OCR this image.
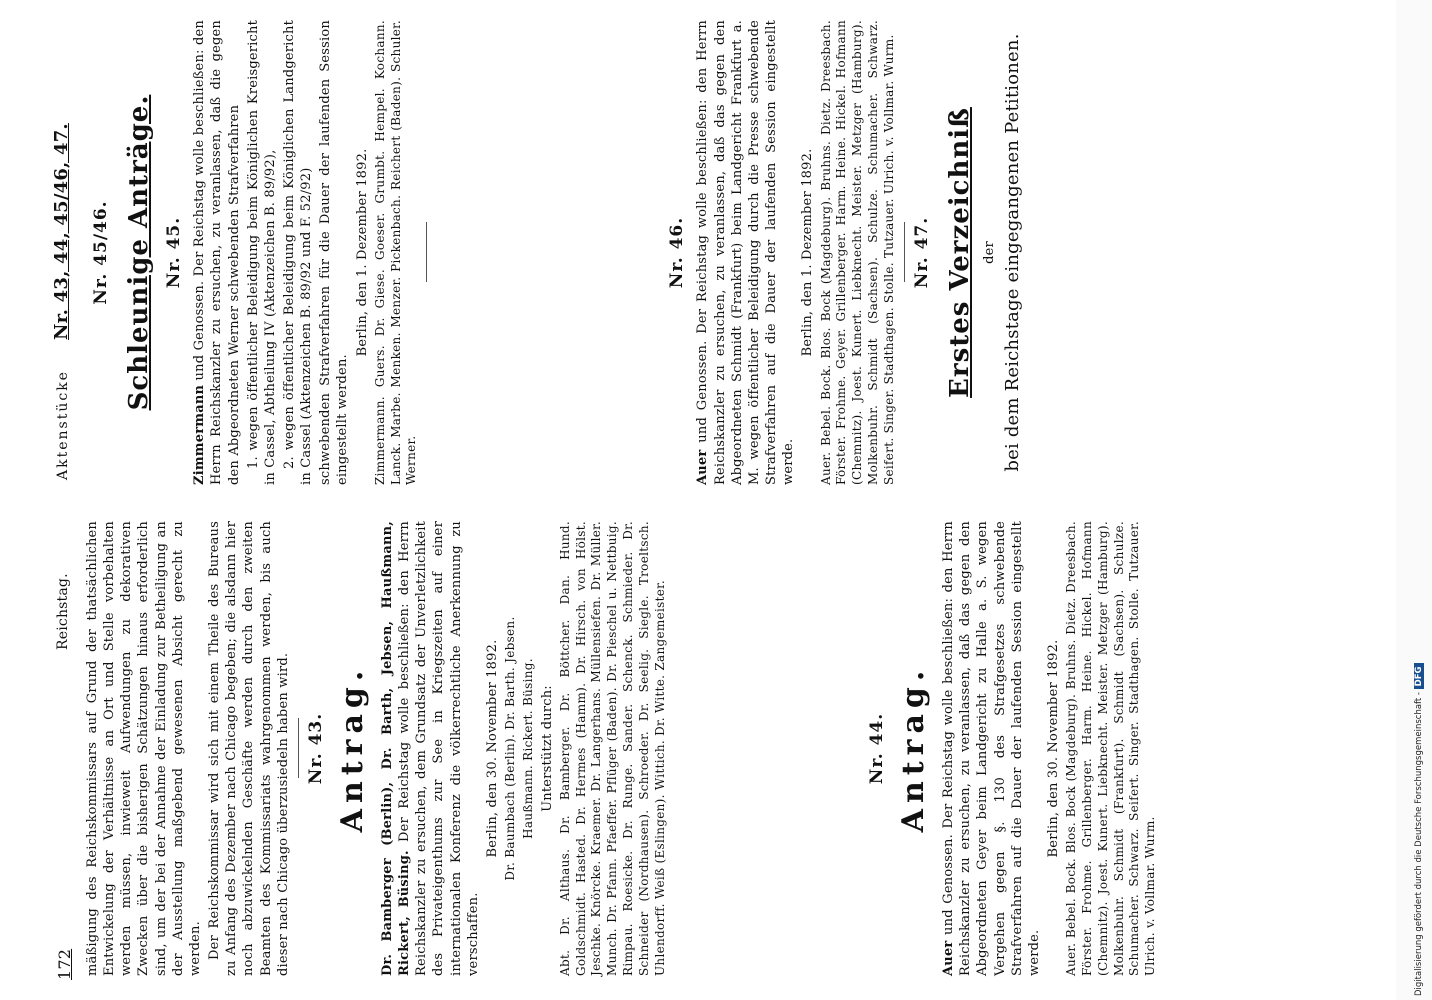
172
Reichstag.
Aktenstücke
Nr. 43, 44, 45/46, 47.

mäßigung des Reichskommissars auf Grund der thatsächlichen Entwickelung der Verhältnisse an Ort und Stelle vorbehalten werden müssen, inwieweit Aufwendungen zu dekorativen Zwecken über die bisherigen Schätzungen hinaus erforderlich sind, um der bei der Annahme der Einladung zur Betheiligung an der Ausstellung maßgebend gewesenen Absicht gerecht zu werden. Der Reichskommissar wird sich mit einem Theile des Bureaus zu Anfang des Dezember nach Chicago begeben; die alsdann hier noch abzuwickelnden Geschäfte werden durch den zweiten Beamten des Kommissariats wahrgenommen werden, bis auch dieser nach Chicago überzusiedeln haben wird. Nr. 43. Antrag. Dr. Bamberger (Berlin), Dr. Barth, Jebsen, Haußmann, Rickert, Büsing. Der Reichstag wolle beschließen: den Herrn Reichskanzler zu ersuchen, dem Grundsatz der Unverletzlichkeit des Privateigenthums zur See in Kriegszeiten auf einer internationalen Konferenz die völkerrechtliche Anerkennung zu verschaffen.

Berlin, den 30. November 1892. Dr. Baumbach (Berlin). Dr. Barth. Jebsen. Haußmann. Rickert. Büsing. Unterstützt durch: Abt. Dr. Althaus. Dr. Bamberger. Dr. Böttcher. Dan. Hund. Goldschmidt. Hasted. Dr. Hermes (Hamm). Dr. Hirsch. von Hölst. Jeschke. Knörcke. Kraemer. Dr. Langerhans. Müllensiefen. Dr. Müller. Munch. Dr. Pfann. Pfaeffer. Pflüger (Baden). Dr. Pieschel u. Nettbuig. Rimpau. Roesicke. Dr. Runge. Sander. Schenck. Schmieder. Dr. Schneider (Nordhausen). Schroeder. Dr. Seelig. Siegle. Troeltsch. Uhlendorff. Weiß (Eslingen). Wittich. Dr. Witte. Zangemeister.	Nr. 44. Antrag.

Auer und Genossen. Der Reichstag wolle beschließen: den Herrn Reichskanzler zu ersuchen, zu veranlassen, daß das gegen den Abgeordneten Geyer beim Landgericht zu Halle a. S. wegen Vergehen gegen §. 130 des Strafgesetzes schwebende Strafverfahren auf die Dauer der laufenden Session eingestellt werde.

Berlin, den 30. November 1892. Auer. Bebel. Bock. Blos. Bock (Magdeburg). Bruhns. Dietz. Dreesbach. Förster. Frohme. Grillenberger. Harm. Heine. Hickel. Hofmann (Chemnitz). Joest. Kunert. Liebknecht. Meister. Metzger (Hamburg). Molkenbuhr. Schmidt (Frankfurt). Schmidt (Sachsen). Schulze. Schumacher. Schwarz. Seifert. Singer. Stadthagen. Stolle. Tutzauer. Ulrich. v. Vollmar. Wurm.

Nr. 45/46. Schleunige Anträge. Nr. 45.

Zimmermann und Genossen. Der Reichstag wolle beschließen: den Herrn Reichskanzler zu ersuchen, zu veranlassen, daß die gegen den Abgeordneten Werner schwebenden Strafverfahren 1. wegen öffentlicher Beleidigung beim Königlichen Kreisgericht in Cassel, Abtheilung IV (Aktenzeichen B. 89/92), 2. wegen öffentlicher Beleidigung beim Königlichen Landgericht in Cassel (Aktenzeichen B. 89/92 und F. 52/92) schwebenden Strafverfahren für die Dauer der laufenden Session eingestellt werden.

Berlin, den 1. Dezember 1892. Zimmermann. Guers. Dr. Giese. Goeser. Grumbt. Hempel. Kochann. Lanck. Marbe. Menken. Menzer. Pickenbach. Reichert (Baden). Schuler. Werner.

Nr. 46.

Auer und Genossen. Der Reichstag wolle beschließen: den Herrn Reichskanzler zu ersuchen, zu veranlassen, daß das gegen den Abgeordneten Schmidt (Frankfurt) beim Landgericht Frankfurt a. M. wegen öffentlicher Beleidigung durch die Presse schwebende Strafverfahren auf die Dauer der laufenden Session eingestellt werde.

Berlin, den 1. Dezember 1892. Auer. Bebel. Bock. Blos. Bock (Magdeburg). Bruhns. Dietz. Dreesbach. Förster. Frohme. Geyer. Grillenberger. Harm. Heine. Hickel. Hofmann (Chemnitz). Joest. Kunert. Liebknecht. Meister. Metzger (Hamburg). Molkenbuhr. Schmidt (Sachsen). Schulze. Schumacher. Schwarz. Seifert. Singer. Stadthagen. Stolle. Tutzauer. Ulrich. v. Vollmar. Wurm. Nr. 47. Erstes Verzeichniß der bei dem Reichstage eingegangenen Petitionen.

Digitalisierung gefördert durch die Deutsche Forschungsgemeinschaft - DFG
